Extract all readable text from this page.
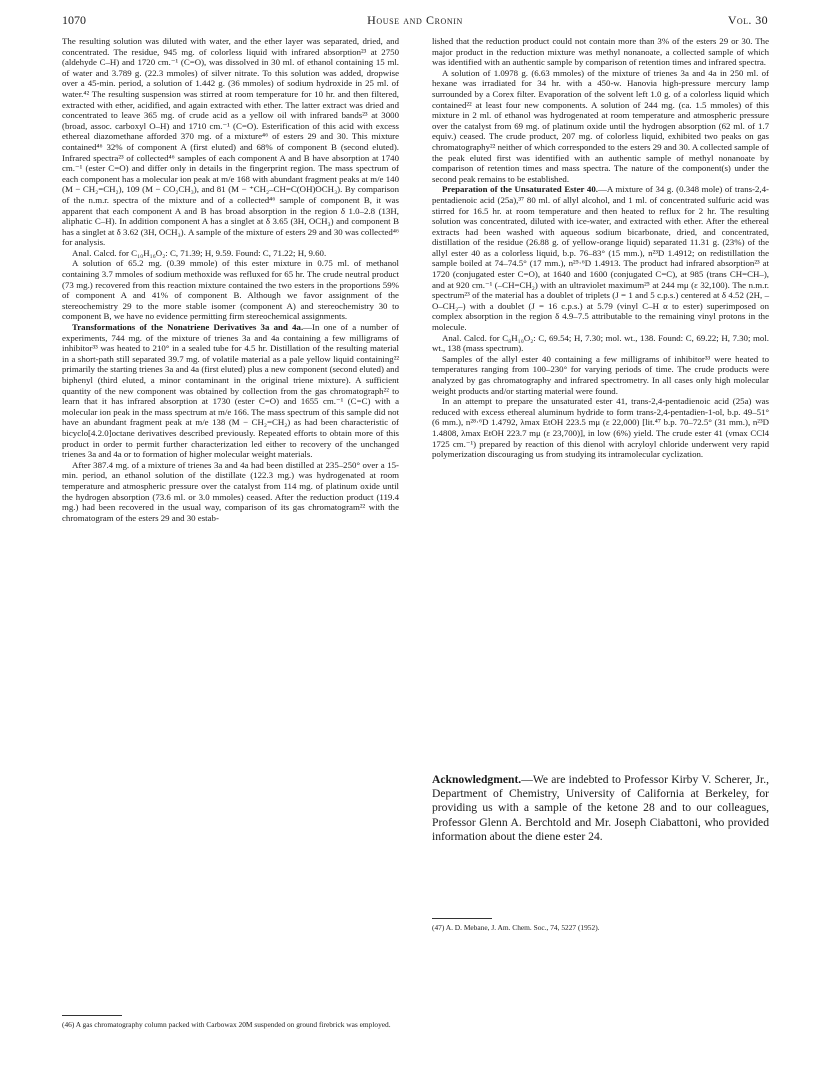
1070	House and Cronin	Vol. 30

The resulting solution was diluted with water, and the ether layer was separated, dried, and concentrated. The residue, 945 mg. of colorless liquid with infrared absorption²³ at 2750 (aldehyde C–H) and 1720 cm.⁻¹ (C=O), was dissolved in 30 ml. of ethanol containing 15 ml. of water and 3.789 g. (22.3 mmoles) of silver nitrate. To this solution was added, dropwise over a 45-min. period, a solution of 1.442 g. (36 mmoles) of sodium hydroxide in 25 ml. of water.⁴² The resulting suspension was stirred at room temperature for 10 hr. and then filtered, extracted with ether, acidified, and again extracted with ether. The latter extract was dried and concentrated to leave 365 mg. of crude acid as a yellow oil with infrared bands²³ at 3000 (broad, assoc. carboxyl O–H) and 1710 cm.⁻¹ (C=O). Esterification of this acid with excess ethereal diazomethane afforded 370 mg. of a mixture⁴⁶ of esters 29 and 30. This mixture contained⁴⁶ 32% of component A (first eluted) and 68% of component B (second eluted). Infrared spectra²³ of collected⁴⁶ samples of each component A and B have absorption at 1740 cm.⁻¹ (ester C=O) and differ only in details in the fingerprint region. The mass spectrum of each component has a molecular ion peak at m/e 168 with abundant fragment peaks at m/e 140 (M − CH₂=CH₂), 109 (M − CO₂CH₃), and 81 (M − ⁺CH₂–CH=C(OH)OCH₃). By comparison of the n.m.r. spectra of the mixture and of a collected⁴⁶ sample of component B, it was apparent that each component A and B has broad absorption in the region δ 1.0–2.8 (13H, aliphatic C–H). In addition component A has a singlet at δ 3.65 (3H, OCH₃) and component B has a singlet at δ 3.62 (3H, OCH₃). A sample of the mixture of esters 29 and 30 was collected⁴⁶ for analysis.

Anal. Calcd. for C₁₀H₁₆O₂: C, 71.39; H, 9.59. Found: C, 71.22; H, 9.60.

A solution of 65.2 mg. (0.39 mmole) of this ester mixture in 0.75 ml. of methanol containing 3.7 mmoles of sodium methoxide was refluxed for 65 hr. The crude neutral product (73 mg.) recovered from this reaction mixture contained the two esters in the proportions 59% of component A and 41% of component B. Although we favor assignment of the stereochemistry 29 to the more stable isomer (component A) and stereochemistry 30 to component B, we have no evidence permitting firm stereochemical assignments.

Transformations of the Nonatriene Derivatives 3a and 4a.—In one of a number of experiments, 744 mg. of the mixture of trienes 3a and 4a containing a few milligrams of inhibitor³³ was heated to 210° in a sealed tube for 4.5 hr. Distillation of the resulting material in a short-path still separated 39.7 mg. of volatile material as a pale yellow liquid containing²² primarily the starting trienes 3a and 4a (first eluted) plus a new component (second eluted) and biphenyl (third eluted, a minor contaminant in the original triene mixture). A sufficient quantity of the new component was obtained by collection from the gas chromatograph²² to learn that it has infrared absorption at 1730 (ester C=O) and 1655 cm.⁻¹ (C=C) with a molecular ion peak in the mass spectrum at m/e 166. The mass spectrum of this sample did not have an abundant fragment peak at m/e 138 (M − CH₂=CH₂) as had been characteristic of bicyclo[4.2.0]octane derivatives described previously. Repeated efforts to obtain more of this product in order to permit further characterization led either to recovery of the unchanged trienes 3a and 4a or to formation of higher molecular weight materials.

After 387.4 mg. of a mixture of trienes 3a and 4a had been distilled at 235–250° over a 15-min. period, an ethanol solution of the distillate (122.3 mg.) was hydrogenated at room temperature and atmospheric pressure over the catalyst from 114 mg. of platinum oxide until the hydrogen absorption (73.6 ml. or 3.0 mmoles) ceased. After the reduction product (119.4 mg.) had been recovered in the usual way, comparison of its gas chromatogram²² with the chromatogram of the esters 29 and 30 estab-

(46) A gas chromatography column packed with Carbowax 20M suspended on ground firebrick was employed.

lished that the reduction product could not contain more than 3% of the esters 29 or 30. The major product in the reduction mixture was methyl nonanoate, a collected sample of which was identified with an authentic sample by comparison of retention times and infrared spectra.

A solution of 1.0978 g. (6.63 mmoles) of the mixture of trienes 3a and 4a in 250 ml. of hexane was irradiated for 34 hr. with a 450-w. Hanovia high-pressure mercury lamp surrounded by a Corex filter. Evaporation of the solvent left 1.0 g. of a colorless liquid which contained²² at least four new components. A solution of 244 mg. (ca. 1.5 mmoles) of this mixture in 2 ml. of ethanol was hydrogenated at room temperature and atmospheric pressure over the catalyst from 69 mg. of platinum oxide until the hydrogen absorption (62 ml. of 1.7 equiv.) ceased. The crude product, 207 mg. of colorless liquid, exhibited two peaks on gas chromatography²² neither of which corresponded to the esters 29 and 30. A collected sample of the peak eluted first was identified with an authentic sample of methyl nonanoate by comparison of retention times and mass spectra. The nature of the component(s) under the second peak remains to be established.

Preparation of the Unsaturated Ester 40.—A mixture of 34 g. (0.348 mole) of trans-2,4-pentadienoic acid (25a),³⁷ 80 ml. of allyl alcohol, and 1 ml. of concentrated sulfuric acid was stirred for 16.5 hr. at room temperature and then heated to reflux for 2 hr. The resulting solution was concentrated, diluted with ice-water, and extracted with ether. After the ethereal extracts had been washed with aqueous sodium bicarbonate, dried, and concentrated, distillation of the residue (26.88 g. of yellow-orange liquid) separated 11.31 g. (23%) of the allyl ester 40 as a colorless liquid, b.p. 76–83° (15 mm.), n²³D 1.4912; on redistillation the sample boiled at 74–74.5° (17 mm.), n²⁵·⁶D 1.4913. The product had infrared absorption²³ at 1720 (conjugated ester C=O), at 1640 and 1600 (conjugated C=C), at 985 (trans CH=CH–), and at 920 cm.⁻¹ (–CH=CH₂) with an ultraviolet maximum²⁵ at 244 mμ (ε 32,100). The n.m.r. spectrum²³ of the material has a doublet of triplets (J = 1 and 5 c.p.s.) centered at δ 4.52 (2H, –O–CH₂–) with a doublet (J = 16 c.p.s.) at 5.79 (vinyl C–H α to ester) superimposed on complex absorption in the region δ 4.9–7.5 attributable to the remaining vinyl protons in the molecule.

Anal. Calcd. for C₈H₁₀O₂: C, 69.54; H, 7.30; mol. wt., 138. Found: C, 69.22; H, 7.30; mol. wt., 138 (mass spectrum).

Samples of the allyl ester 40 containing a few milligrams of inhibitor³³ were heated to temperatures ranging from 100–230° for varying periods of time. The crude products were analyzed by gas chromatography and infrared spectrometry. In all cases only high molecular weight products and/or starting material were found.

In an attempt to prepare the unsaturated ester 41, trans-2,4-pentadienoic acid (25a) was reduced with excess ethereal aluminum hydride to form trans-2,4-pentadien-1-ol, b.p. 49–51° (6 mm.), n²⁸·⁶D 1.4792, λmax EtOH 223.5 mμ (ε 22,000) [lit.⁴⁷ b.p. 70–72.5° (31 mm.), n²³D 1.4808, λmax EtOH 223.7 mμ (ε 23,700)], in low (6%) yield. The crude ester 41 (νmax CCl4 1725 cm.⁻¹) prepared by reaction of this dienol with acryloyl chloride underwent very rapid polymerization discouraging us from studying its intramolecular cyclization.

Acknowledgment.—We are indebted to Professor Kirby V. Scherer, Jr., Department of Chemistry, University of California at Berkeley, for providing us with a sample of the ketone 28 and to our colleagues, Professor Glenn A. Berchtold and Mr. Joseph Ciabattoni, who provided information about the diene ester 24.
(47) A. D. Mebane, J. Am. Chem. Soc., 74, 5227 (1952).
